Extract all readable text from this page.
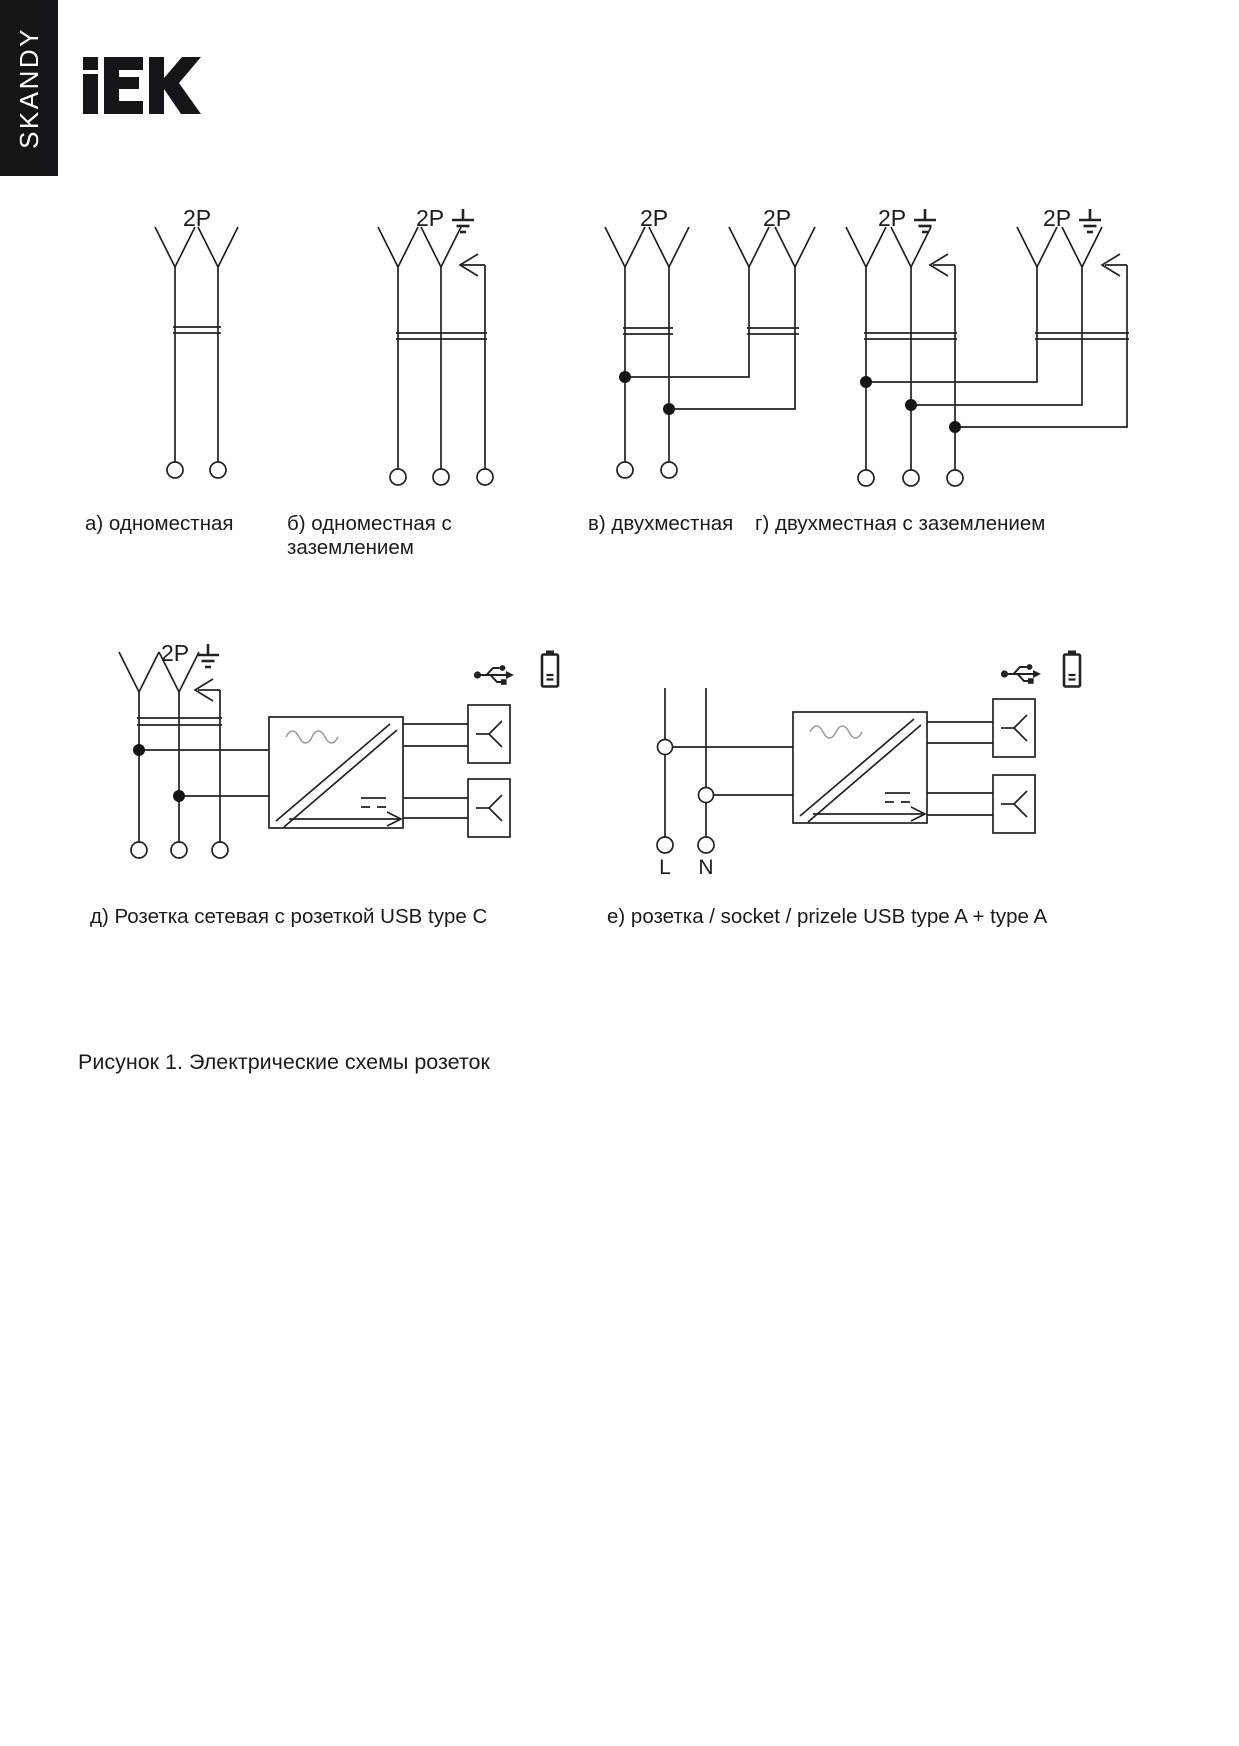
SKANDY
2P	2P	2P	2P	2P	2P
2P
L N
а) одноместная	б) одноместная с
заземлением
в) двухместная г) двухместная с заземлением
д) Розетка сетевая с розеткой USB type C	е) розетка / socket / prizele USB type A + type A
Рисунок 1. Электрические схемы розеток
